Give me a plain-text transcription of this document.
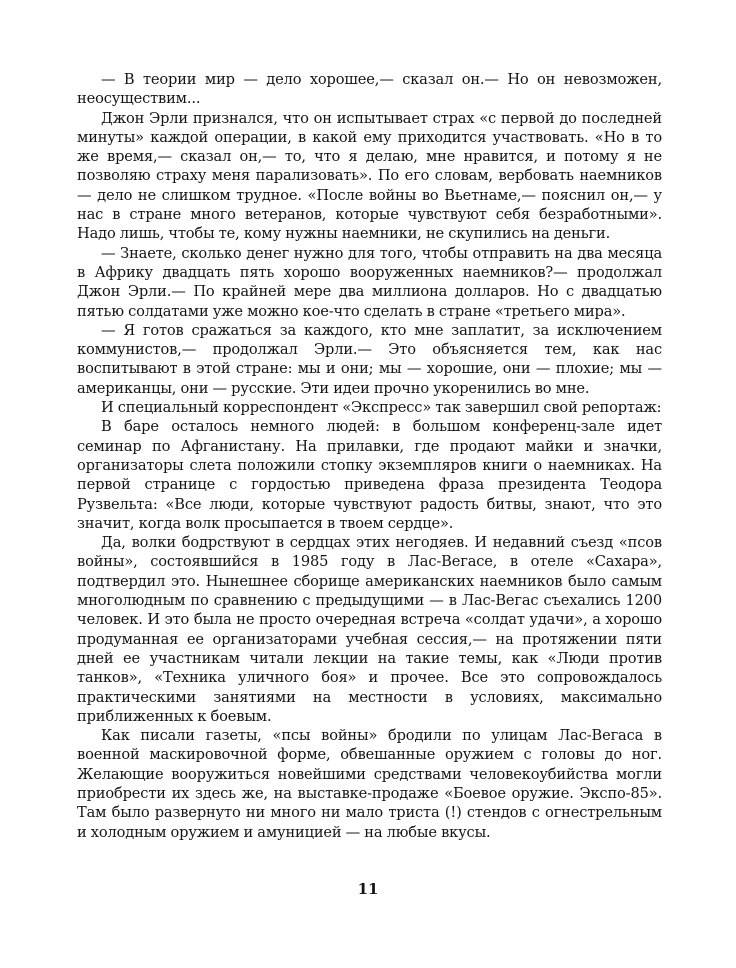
— В теории мир — дело хорошее,— сказал он.— Но он невозможен, неосуществим...

Джон Эрли признался, что он испытывает страх «с первой до последней минуты» каждой операции, в какой ему приходится участвовать. «Но в то же время,— сказал он,— то, что я делаю, мне нравится, и потому я не позволяю страху меня парализовать». По его словам, вербовать наемников — дело не слишком трудное. «После войны во Вьетнаме,— пояснил он,— у нас в стране много ветеранов, которые чувствуют себя безработными». Надо лишь, чтобы те, кому нужны наемники, не скупились на деньги.

— Знаете, сколько денег нужно для того, чтобы отправить на два месяца в Африку двадцать пять хорошо вооруженных наемников?— продолжал Джон Эрли.— По крайней мере два миллиона долларов. Но с двадцатью пятью солдатами уже можно кое-что сделать в стране «третьего мира».

— Я готов сражаться за каждого, кто мне заплатит, за исключением коммунистов,— продолжал Эрли.— Это объясняется тем, как нас воспитывают в этой стране: мы и они; мы — хорошие, они — плохие; мы — американцы, они — русские. Эти идеи прочно укоренились во мне.

И специальный корреспондент «Экспресс» так завершил свой репортаж:

В баре осталось немного людей: в большом конференц-зале идет семинар по Афганистану. На прилавки, где продают майки и значки, организаторы слета положили стопку экземпляров книги о наемниках. На первой странице с гордостью приведена фраза президента Теодора Рузвельта: «Все люди, которые чувствуют радость битвы, знают, что это значит, когда волк просыпается в твоем сердце».

Да, волки бодрствуют в сердцах этих негодяев. И недавний съезд «псов войны», состоявшийся в 1985 году в Лас-Вегасе, в отеле «Сахара», подтвердил это. Нынешнее сборище американских наемников было самым многолюдным по сравнению с предыдущими — в Лас-Вегас съехались 1200 человек. И это была не просто очередная встреча «солдат удачи», а хорошо продуманная ее организаторами учебная сессия,— на протяжении пяти дней ее участникам читали лекции на такие темы, как «Люди против танков», «Техника уличного боя» и прочее. Все это сопровождалось практическими занятиями на местности в условиях, максимально приближенных к боевым.

Как писали газеты, «псы войны» бродили по улицам Лас-Вегаса в военной маскировочной форме, обвешанные оружием с головы до ног. Желающие вооружиться новейшими средствами человекоубийства могли приобрести их здесь же, на выставке-продаже «Боевое оружие. Экспо-85». Там было развернуто ни много ни мало триста (!) стендов с огнестрельным и холодным оружием и амуницией — на любые вкусы.

11
